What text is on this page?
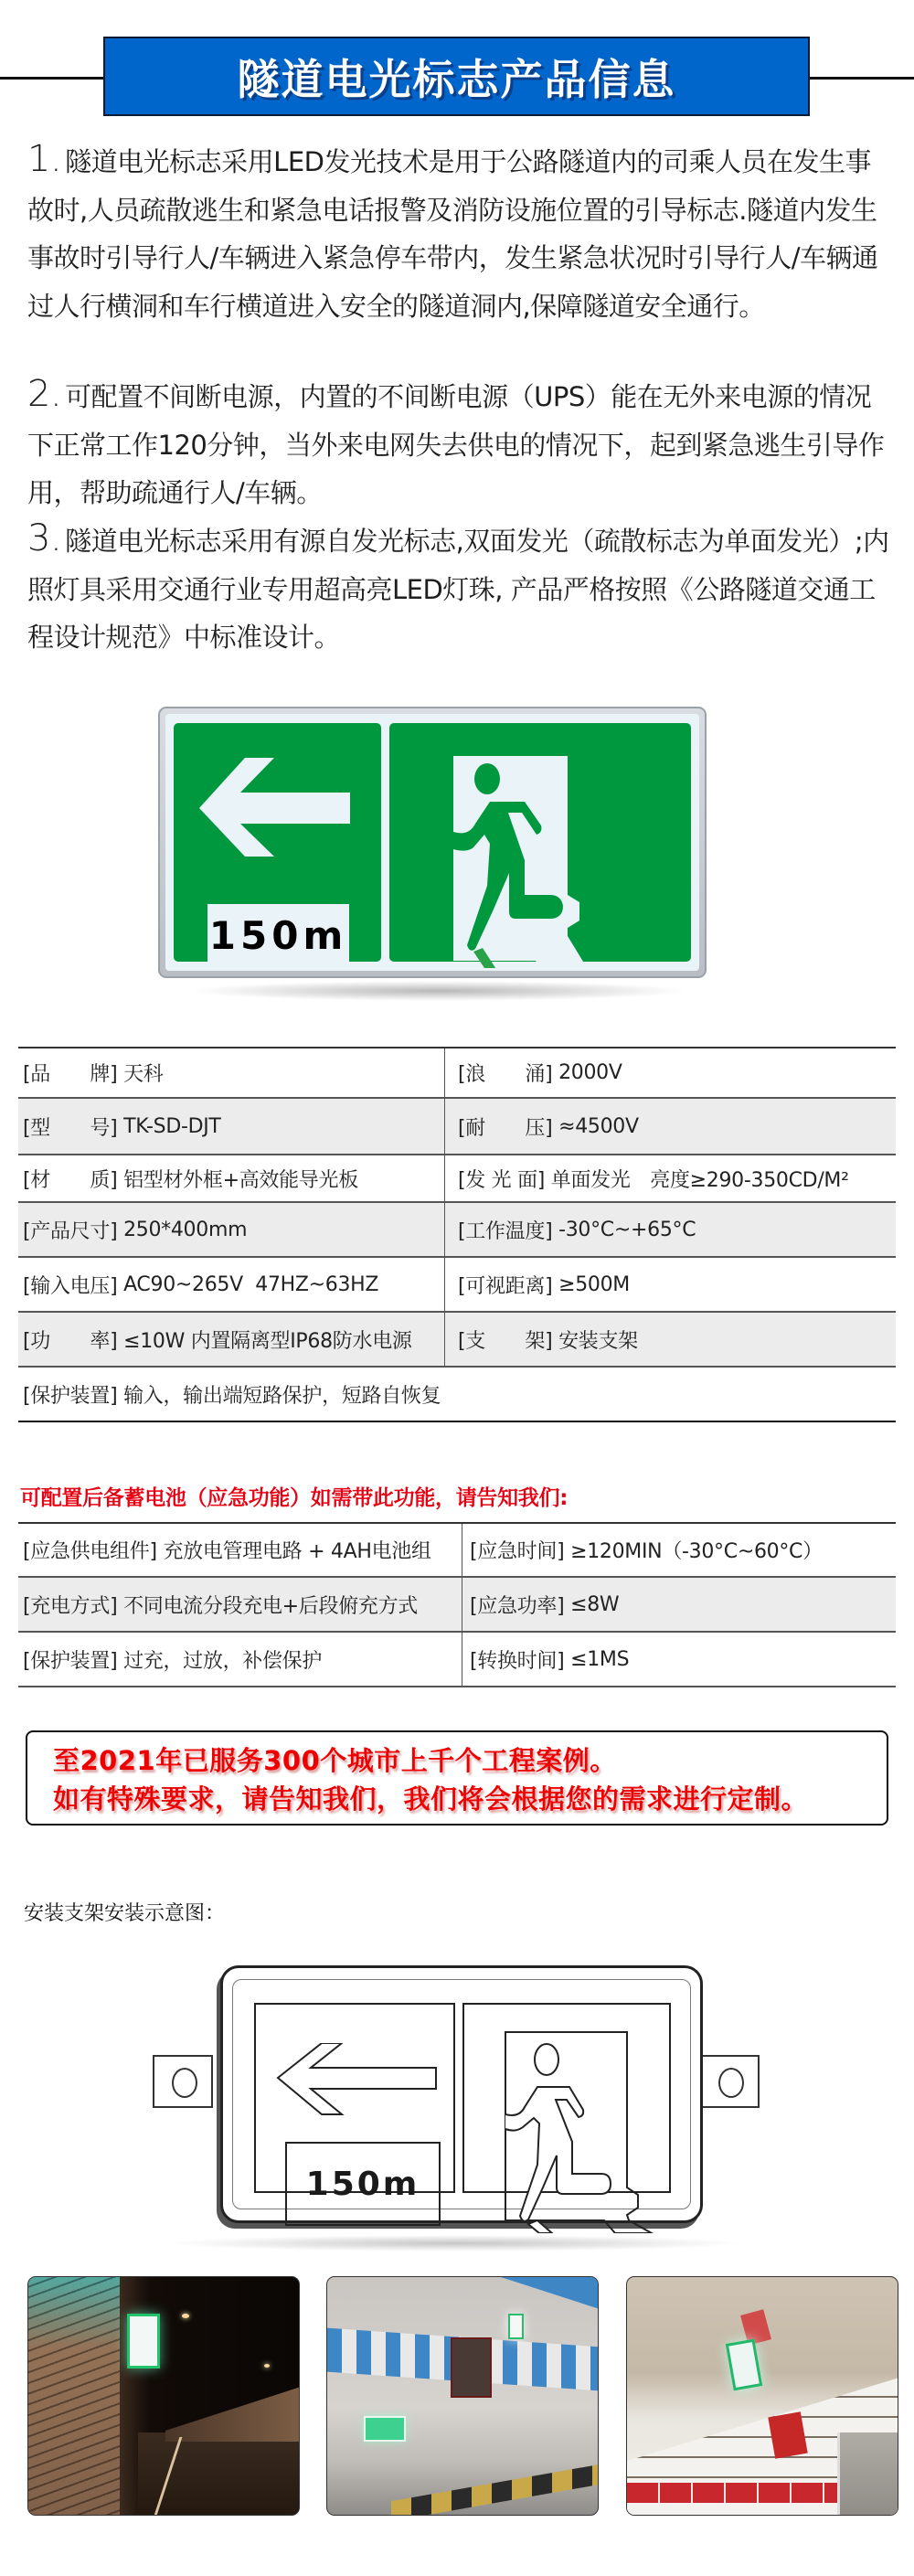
隧道电光标志产品信息
1. 隧道电光标志采用LED发光技术是用于公路隧道内的司乘人员在发生事故时,人员疏散逃生和紧急电话报警及消防设施位置的引导标志.隧道内发生事故时引导行人/车辆进入紧急停车带内，发生紧急状况时引导行人/车辆通过人行横洞和车行横道进入安全的隧道洞内,保障隧道安全通行。
2. 可配置不间断电源，内置的不间断电源（UPS）能在无外来电源的情况下正常工作120分钟，当外来电网失去供电的情况下，起到紧急逃生引导作用，帮助疏通行人/车辆。
3. 隧道电光标志采用有源自发光标志,双面发光（疏散标志为单面发光）;内照灯具采用交通行业专用超高亮LED灯珠, 产品严格按照《公路隧道交通工程设计规范》中标准设计。
150m
[品　　牌] 天科	[浪　　涌] 2000V
[型　　号] TK-SD-DJT	[耐　　压] ≈4500V
[材　　质] 铝型材外框+高效能导光板	[发 光 面] 单面发光　亮度≥290-350CD/M²
[产品尺寸] 250*400mm	[工作温度] -30°C~+65°C
[输入电压] AC90~265V  47HZ~63HZ	[可视距离] ≥500M
[功　　率] ≤10W 内置隔离型IP68防水电源 [支　　架] 安装支架
[保护装置] 输入，输出端短路保护，短路自恢复
可配置后备蓄电池（应急功能）如需带此功能，请告知我们:
[应急供电组件] 充放电管理电路 + 4AH电池组 [应急时间] ≥120MIN（-30°C~60°C）
[充电方式] 不同电流分段充电+后段俯充方式	[应急功率] ≤8W
[保护装置] 过充，过放，补偿保护	[转换时间] ≤1MS
至2021年已服务300个城市上千个工程案例。
如有特殊要求，请告知我们，我们将会根据您的需求进行定制。
安装支架安装示意图：
150m
